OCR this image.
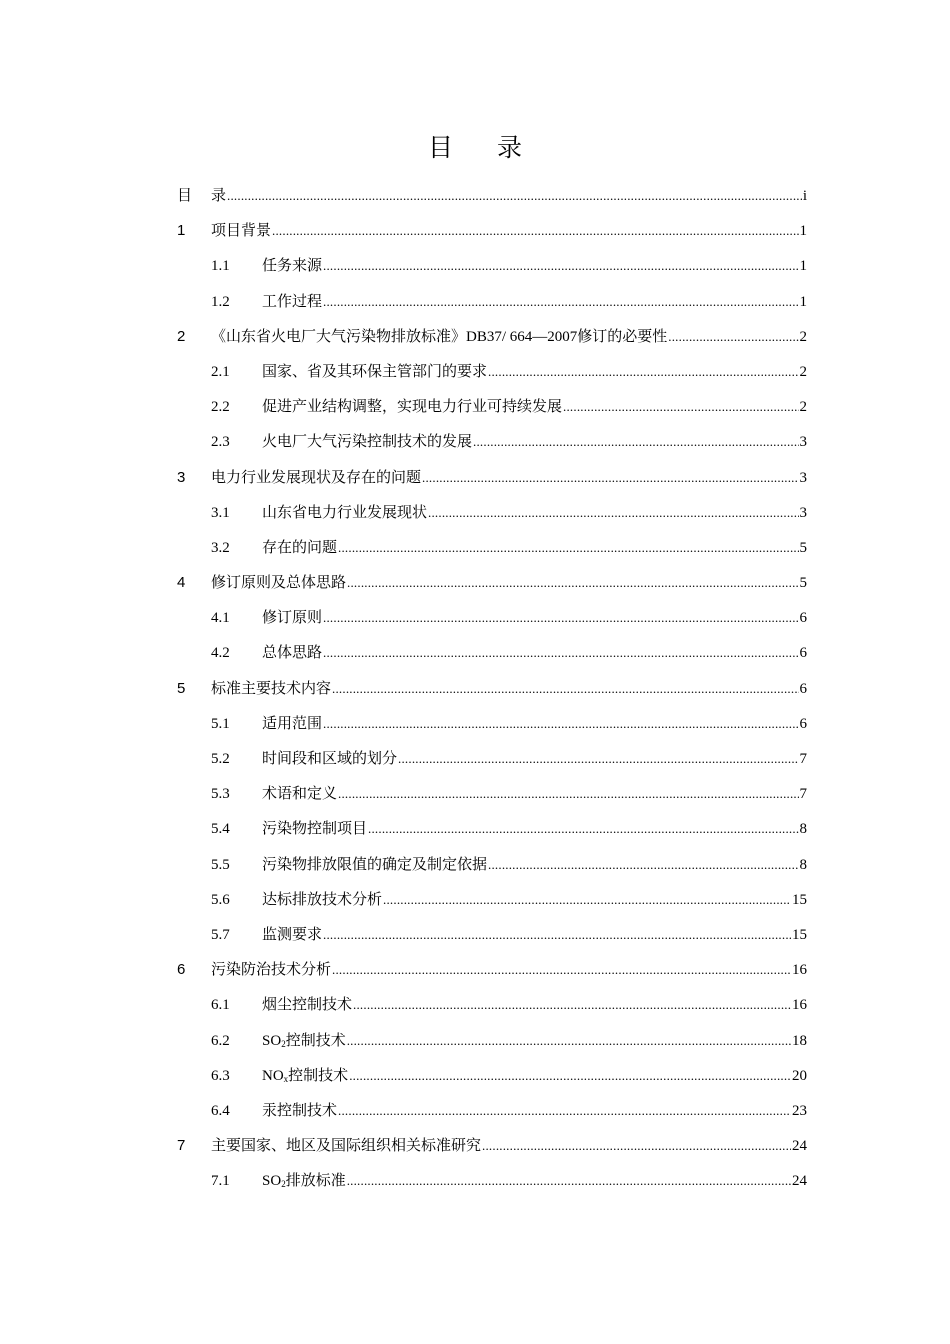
目 录
目	录 .....	i
1	项目背景 .....	1
1.1	任务来源 .....	1
1.2	工作过程 .....	1
2	《山东省火电厂大气污染物排放标准》DB37/ 664—2007修订的必要性 .....	2
2.1	国家、省及其环保主管部门的要求 .....	2
2.2	促进产业结构调整，实现电力行业可持续发展 .....	2
2.3	火电厂大气污染控制技术的发展 .....	3
3	电力行业发展现状及存在的问题 .....	3
3.1	山东省电力行业发展现状 .....	3
3.2	存在的问题 .....	5
4	修订原则及总体思路 .....	5
4.1	修订原则 .....	6
4.2	总体思路 .....	6
5	标准主要技术内容 .....	6
5.1	适用范围 .....	6
5.2	时间段和区域的划分 .....	7
5.3	术语和定义 .....	7
5.4	污染物控制项目 .....	8
5.5	污染物排放限值的确定及制定依据 .....	8
5.6	达标排放技术分析 .....	15
5.7	监测要求 .....	15
6	污染防治技术分析 .....	16
6.1	烟尘控制技术 .....	16
6.2	$SO_2$控制技术 .....	18
6.3	$NO_x$控制技术 .....	20
6.4	汞控制技术 .....	23
7	主要国家、地区及国际组织相关标准研究 .....	24
7.1	$SO_2$排放标准 .....	24
